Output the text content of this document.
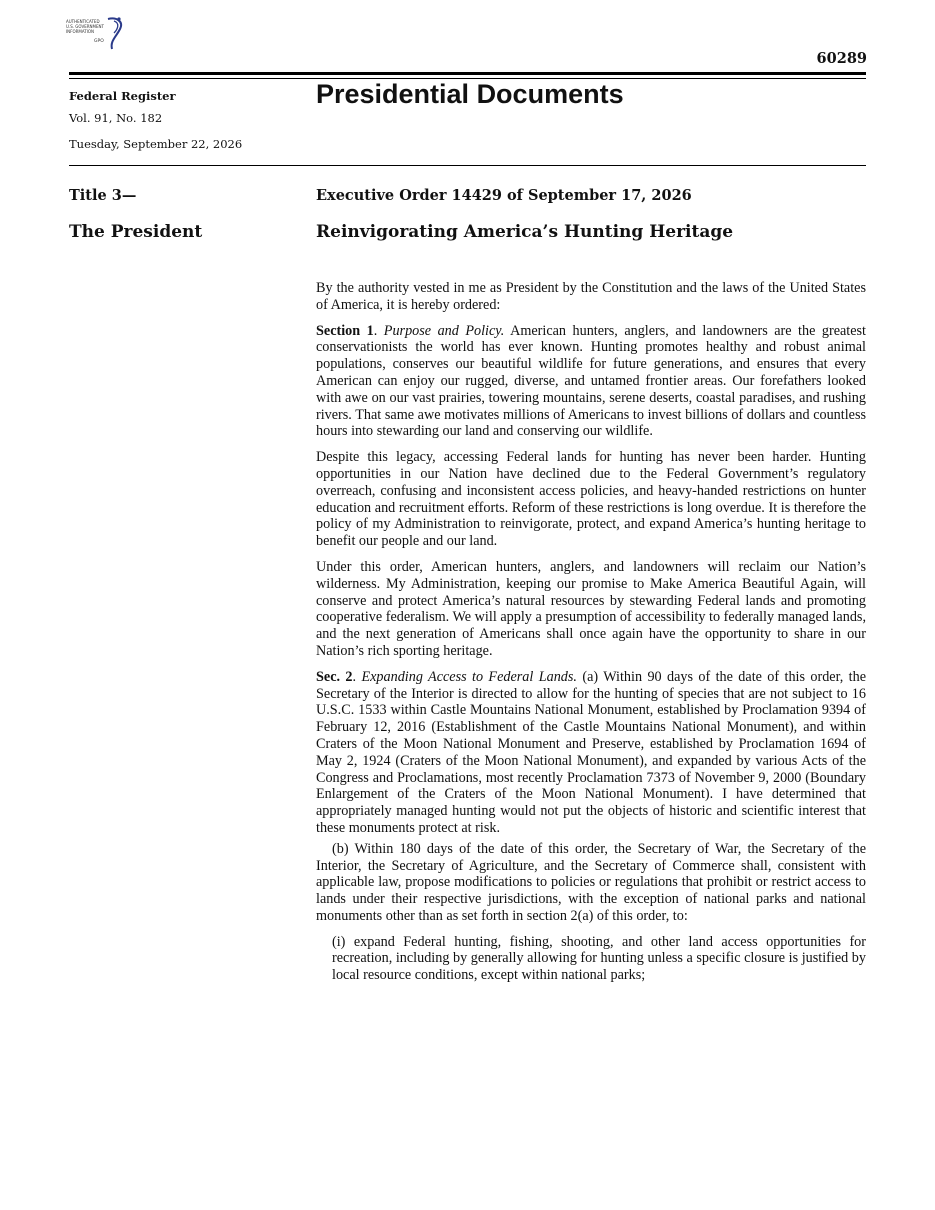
AUTHENTICATED
U.S. GOVERNMENT
INFORMATION
GPO
60289
Federal Register
Vol. 91, No. 182
Tuesday, September 22, 2026
Presidential Documents
Title 3—
The President
Executive Order 14429 of September 17, 2026
Reinvigorating America’s Hunting Heritage

By the authority vested in me as President by the Constitution and the laws of the United States of America, it is hereby ordered:

Section 1. Purpose and Policy. American hunters, anglers, and landowners are the greatest conservationists the world has ever known. Hunting promotes healthy and robust animal populations, conserves our beautiful wildlife for future generations, and ensures that every American can enjoy our rugged, diverse, and untamed frontier areas. Our forefathers looked with awe on our vast prairies, towering mountains, serene deserts, coastal paradises, and rushing rivers. That same awe motivates millions of Americans to invest billions of dollars and countless hours into stewarding our land and conserving our wildlife.

Despite this legacy, accessing Federal lands for hunting has never been harder. Hunting opportunities in our Nation have declined due to the Federal Government’s regulatory overreach, confusing and inconsistent access policies, and heavy-handed restrictions on hunter education and recruitment efforts. Reform of these restrictions is long overdue. It is therefore the policy of my Administration to reinvigorate, protect, and expand America’s hunting heritage to benefit our people and our land.

Under this order, American hunters, anglers, and landowners will reclaim our Nation’s wilderness. My Administration, keeping our promise to Make America Beautiful Again, will conserve and protect America’s natural resources by stewarding Federal lands and promoting cooperative federalism. We will apply a presumption of accessibility to federally managed lands, and the next generation of Americans shall once again have the opportunity to share in our Nation’s rich sporting heritage.

Sec. 2. Expanding Access to Federal Lands. (a) Within 90 days of the date of this order, the Secretary of the Interior is directed to allow for the hunting of species that are not subject to 16 U.S.C. 1533 within Castle Mountains National Monument, established by Proclamation 9394 of February 12, 2016 (Establishment of the Castle Mountains National Monument), and within Craters of the Moon National Monument and Preserve, established by Proclamation 1694 of May 2, 1924 (Craters of the Moon National Monument), and expanded by various Acts of the Congress and Proclamations, most recently Proclamation 7373 of November 9, 2000 (Boundary Enlargement of the Craters of the Moon National Monument). I have determined that appropriately managed hunting would not put the objects of historic and scientific interest that these monuments protect at risk.

(b) Within 180 days of the date of this order, the Secretary of War, the Secretary of the Interior, the Secretary of Agriculture, and the Secretary of Commerce shall, consistent with applicable law, propose modifications to policies or regulations that prohibit or restrict access to lands under their respective jurisdictions, with the exception of national parks and national monuments other than as set forth in section 2(a) of this order, to:

(i) expand Federal hunting, fishing, shooting, and other land access opportunities for recreation, including by generally allowing for hunting unless a specific closure is justified by local resource conditions, except within national parks;
